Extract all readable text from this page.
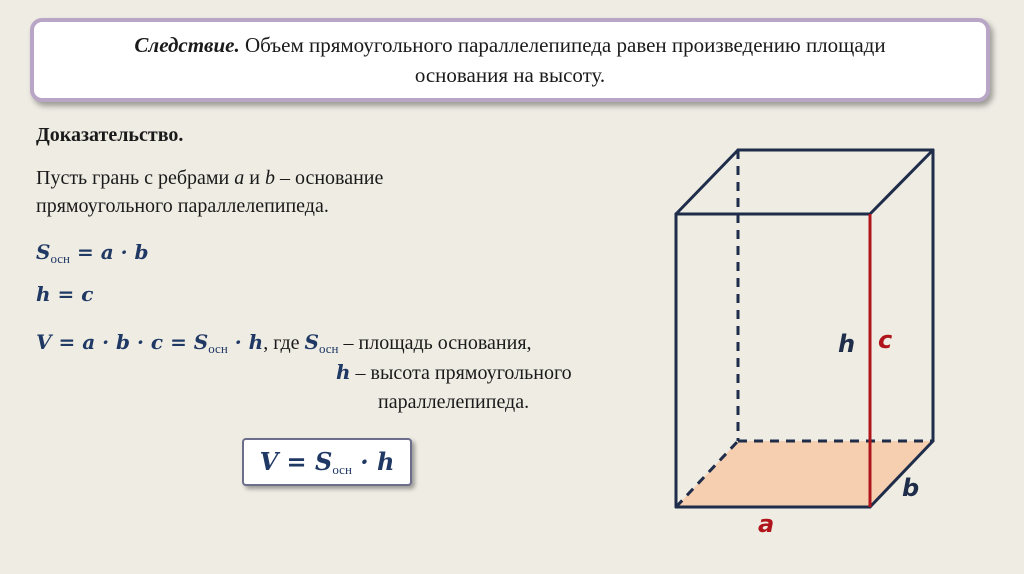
Следствие. Объем прямоугольного параллелепипеда равен произведению площади
основания на высоту.
Доказательство.
Пусть грань с ребрами a и b – основание
прямоугольного параллелепипеда.
$S_{осн} = a \cdot b$
h = c
$V = a \cdot b \cdot c = S_{осн} \cdot h$, где $S_{осн}$ – площадь основания,
h – высота прямоугольного
параллелепипеда.
$V = S_{осн} \cdot h$
h c
a
b
